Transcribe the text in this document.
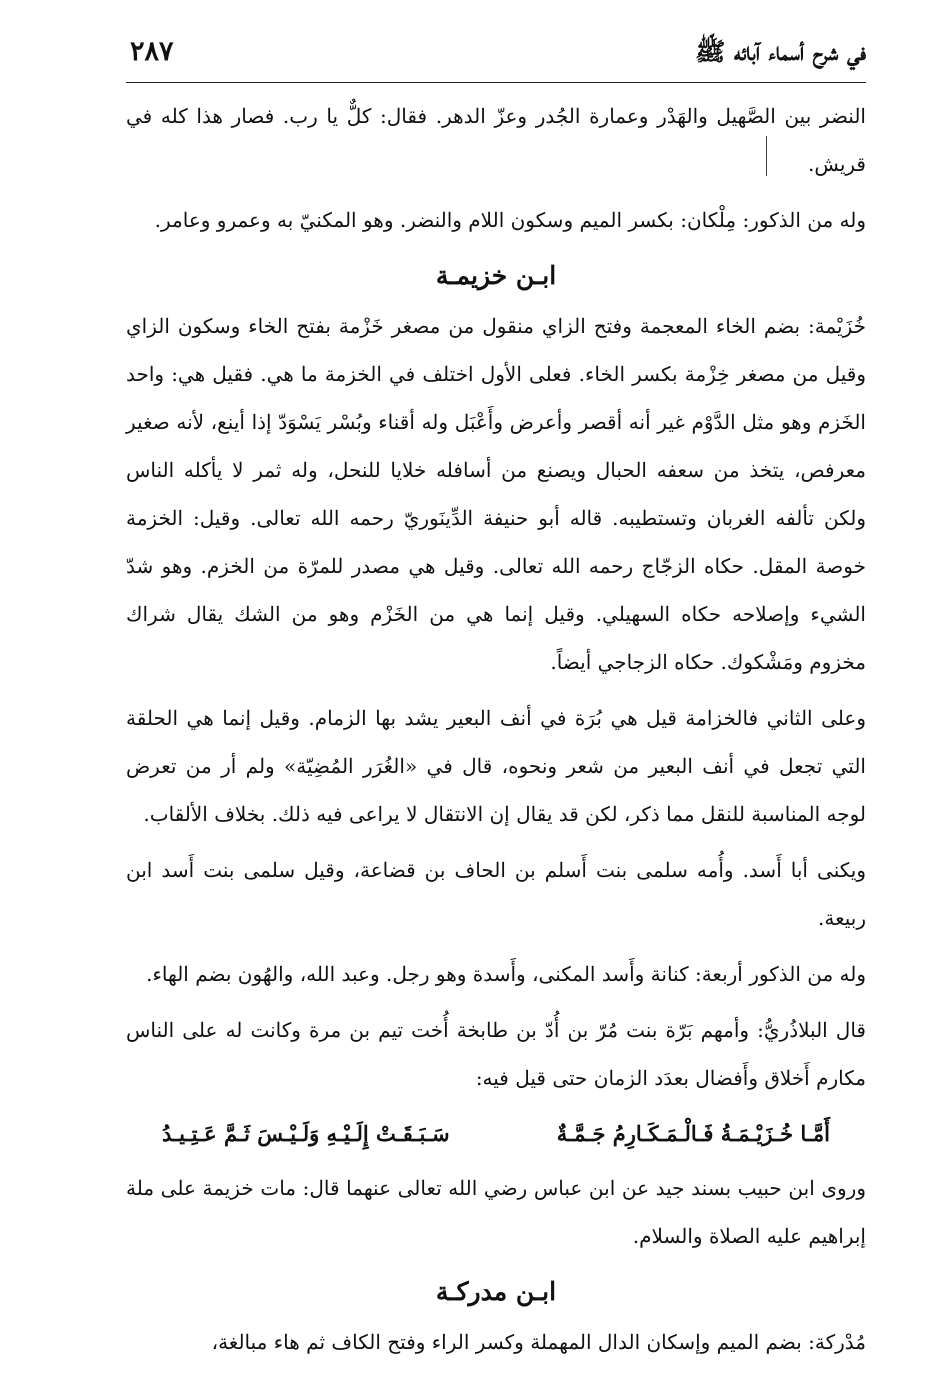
في شرح أسماء آبائه ﷺ
٢٨٧

النضر بين الصَّهيل والهَدْر وعمارة الجُدر وعزّ الدهر. فقال: كلٌّ يا رب. فصار هذا كله في قريش.

وله من الذكور: مِلْكان: بكسر الميم وسكون اللام والنضر. وهو المكنيّ به وعمرو وعامر.

ابـن خزيمـة

خُزَيْمة: بضم الخاء المعجمة وفتح الزاي منقول من مصغر خَزْمة بفتح الخاء وسكون الزاي وقيل من مصغر خِزْمة بكسر الخاء. فعلى الأول اختلف في الخزمة ما هي. فقيل هي: واحد الخَزم وهو مثل الدَّوْم غير أنه أقصر وأعرض وأَعْبَل وله أقناء وبُسْر يَسْوَدّ إذا أينع، لأنه صغير معرفص، يتخذ من سعفه الحبال ويصنع من أسافله خلايا للنحل، وله ثمر لا يأكله الناس ولكن تألفه الغربان وتستطيبه. قاله أبو حنيفة الدِّينَوريّ رحمه الله تعالى. وقيل: الخزمة خوصة المقل. حكاه الزجّاج رحمه الله تعالى. وقيل هي مصدر للمرّة من الخزم. وهو شدّ الشيء وإصلاحه حكاه السهيلي. وقيل إنما هي من الخَزْم وهو من الشك يقال شراك مخزوم ومَشْكوك. حكاه الزجاجي أيضاً.

وعلى الثاني فالخزامة قيل هي بُرَة في أنف البعير يشد بها الزمام. وقيل إنما هي الحلقة التي تجعل في أنف البعير من شعر ونحوه، قال في «الغُرَر المُضِيّة» ولم أر من تعرض لوجه المناسبة للنقل مما ذكر، لكن قد يقال إن الانتقال لا يراعى فيه ذلك. بخلاف الألقاب.

ويكنى أبا أَسد. وأُمه سلمى بنت أَسلم بن الحاف بن قضاعة، وقيل سلمى بنت أَسد ابن ربيعة.

وله من الذكور أربعة: كنانة وأَسد المكنى، وأَسدة وهو رجل. وعبد الله، والهُون بضم الهاء.

قال البلاذُريُّ: وأمهم بَرّة بنت مُرّ بن أُدّ بن طابخة أُخت تيم بن مرة وكانت له على الناس مكارم أَخلاق وأَفضال بعدَد الزمان حتى قيل فيه:

أَمَّـا خُـزَيْـمَـةُ فَـالْـمَـكَـارِمُ جَـمَّـةٌ
سَـبَـقَـتْ إِلَـيْـهِ وَلَـيْـسَ ثَـمَّ عَـتِـيـدُ

وروى ابن حبيب بسند جيد عن ابن عباس رضي الله تعالى عنهما قال: مات خزيمة على ملة إبراهيم عليه الصلاة والسلام.

ابـن مدركـة

مُدْركة: بضم الميم وإسكان الدال المهملة وكسر الراء وفتح الكاف ثم هاء مبالغة،
